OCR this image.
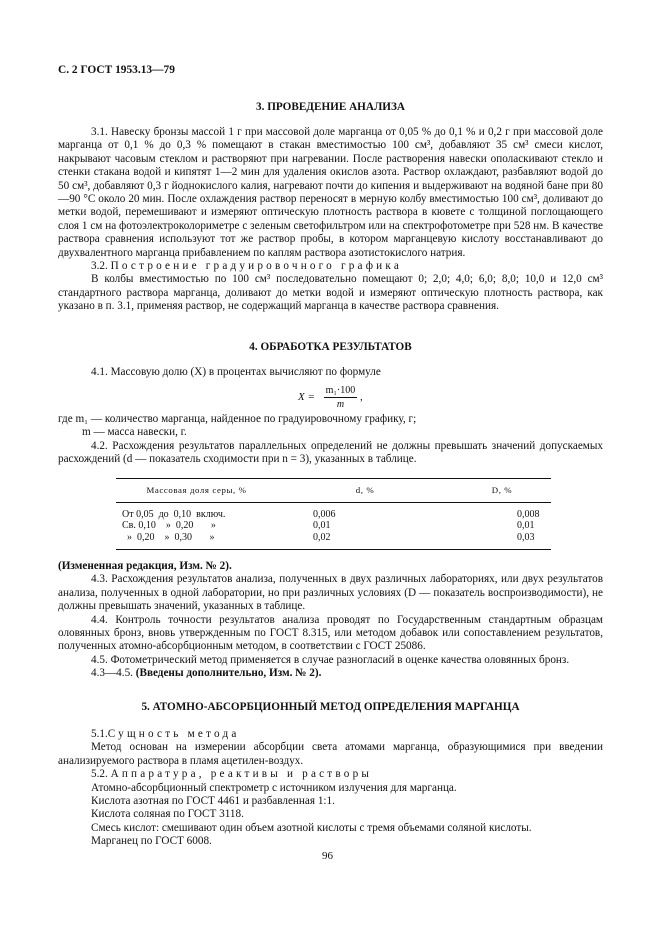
С. 2 ГОСТ 1953.13—79
3. ПРОВЕДЕНИЕ АНАЛИЗА

3.1. Навеску бронзы массой 1 г при массовой доле марганца от 0,05 % до 0,1 % и 0,2 г при массовой доле марганца от 0,1 % до 0,3 % помещают в стакан вместимостью 100 см³, добавляют 35 см³ смеси кислот, накрывают часовым стеклом и растворяют при нагревании. После растворения навески ополаскивают стекло и стенки стакана водой и кипятят 1—2 мин для удаления окислов азота. Раствор охлаждают, разбавляют водой до 50 см³, добавляют 0,3 г йоднокислого калия, нагревают почти до кипения и выдерживают на водяной бане при 80—90 °С около 20 мин. После охлаждения раствор переносят в мерную колбу вместимостью 100 см³, доливают до метки водой, перемешивают и измеряют оптическую плотность раствора в кювете с толщиной поглощающего слоя 1 см на фотоэлектроколориметре с зеленым светофильтром или на спектрофотометре при 528 нм. В качестве раствора сравнения используют тот же раствор пробы, в котором марганцевую кислоту восстанавливают до двухвалентного марганца прибавлением по каплям раствора азотистокислого натрия.

3.2. Построение градуировочного графика

В колбы вместимостью по 100 см³ последовательно помещают 0; 2,0; 4,0; 6,0; 8,0; 10,0 и 12,0 см³ стандартного раствора марганца, доливают до метки водой и измеряют оптическую плотность раствора, как указано в п. 3.1, применяя раствор, не содержащий марганца в качестве раствора сравнения.

4. ОБРАБОТКА РЕЗУЛЬТАТОВ

4.1. Массовую долю (X) в процентах вычисляют по формуле

$X = \frac{\text{m₁·100}}{m}$ ,

где m₁ — количество марганца, найденное по градуировочному графику, г;

m — масса навески, г.

4.2. Расхождения результатов параллельных определений не должны превышать значений допускаемых расхождений (d — показатель сходимости при n = 3), указанных в таблице.

Массовая доля серы, %	d, %	D, %
От 0,05  до  0,10  включ.	0,006	0,008
Св. 0,10    »  0,20       »	0,01	0,01
»  0,20    »  0,30       »	0,02	0,03

(Измененная редакция, Изм. № 2).

4.3. Расхождения результатов анализа, полученных в двух различных лабораториях, или двух результатов анализа, полученных в одной лаборатории, но при различных условиях (D — показатель воспроизводимости), не должны превышать значений, указанных в таблице.

4.4. Контроль точности результатов анализа проводят по Государственным стандартным образцам оловянных бронз, вновь утвержденным по ГОСТ 8.315, или методом добавок или сопоставлением результатов, полученных атомно-абсорбционным методом, в соответствии с ГОСТ 25086.

4.5. Фотометрический метод применяется в случае разногласий в оценке качества оловянных бронз.

4.3—4.5. (Введены дополнительно, Изм. № 2).

5. АТОМНО-АБСОРБЦИОННЫЙ МЕТОД ОПРЕДЕЛЕНИЯ МАРГАНЦА

5.1.Сущность метода

Метод основан на измерении абсорбции света атомами марганца, образующимися при введении анализируемого раствора в пламя ацетилен-воздух.

5.2. Аппаратура, реактивы и растворы

Атомно-абсорбционный спектрометр с источником излучения для марганца.

Кислота азотная по ГОСТ 4461 и разбавленная 1:1.

Кислота соляная по ГОСТ 3118.

Смесь кислот: смешивают один объем азотной кислоты с тремя объемами соляной кислоты.

Марганец по ГОСТ 6008.

96
